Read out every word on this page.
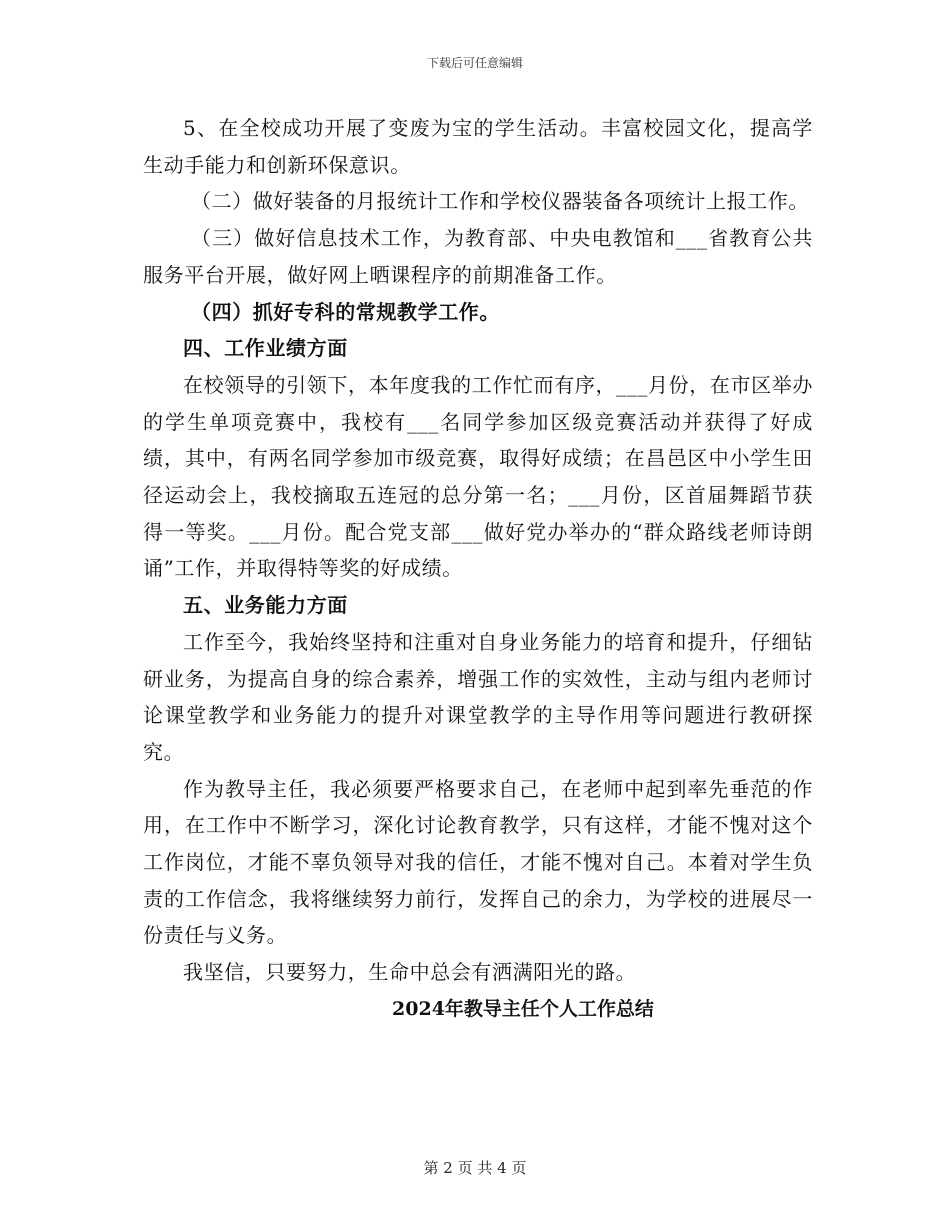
下载后可任意编辑

5、在全校成功开展了变废为宝的学生活动。丰富校园文化，提高学生动手能力和创新环保意识。

（二）做好装备的月报统计工作和学校仪器装备各项统计上报工作。

（三）做好信息技术工作，为教育部、中央电教馆和___省教育公共服务平台开展，做好网上晒课程序的前期准备工作。

（四）抓好专科的常规教学工作。

四、工作业绩方面

在校领导的引领下，本年度我的工作忙而有序，___月份，在市区举办的学生单项竞赛中，我校有___名同学参加区级竞赛活动并获得了好成绩，其中，有两名同学参加市级竞赛，取得好成绩；在昌邑区中小学生田径运动会上，我校摘取五连冠的总分第一名；___月份，区首届舞蹈节获得一等奖。___月份。配合党支部___做好党办举办的“群众路线老师诗朗诵”工作，并取得特等奖的好成绩。

五、业务能力方面

工作至今，我始终坚持和注重对自身业务能力的培育和提升，仔细钻研业务，为提高自身的综合素养，增强工作的实效性，主动与组内老师讨论课堂教学和业务能力的提升对课堂教学的主导作用等问题进行教研探究。

作为教导主任，我必须要严格要求自己，在老师中起到率先垂范的作用，在工作中不断学习，深化讨论教育教学，只有这样，才能不愧对这个工作岗位，才能不辜负领导对我的信任，才能不愧对自己。本着对学生负责的工作信念，我将继续努力前行，发挥自己的余力，为学校的进展尽一份责任与义务。

我坚信，只要努力，生命中总会有洒满阳光的路。

2024年教导主任个人工作总结

第 2 页 共 4 页
